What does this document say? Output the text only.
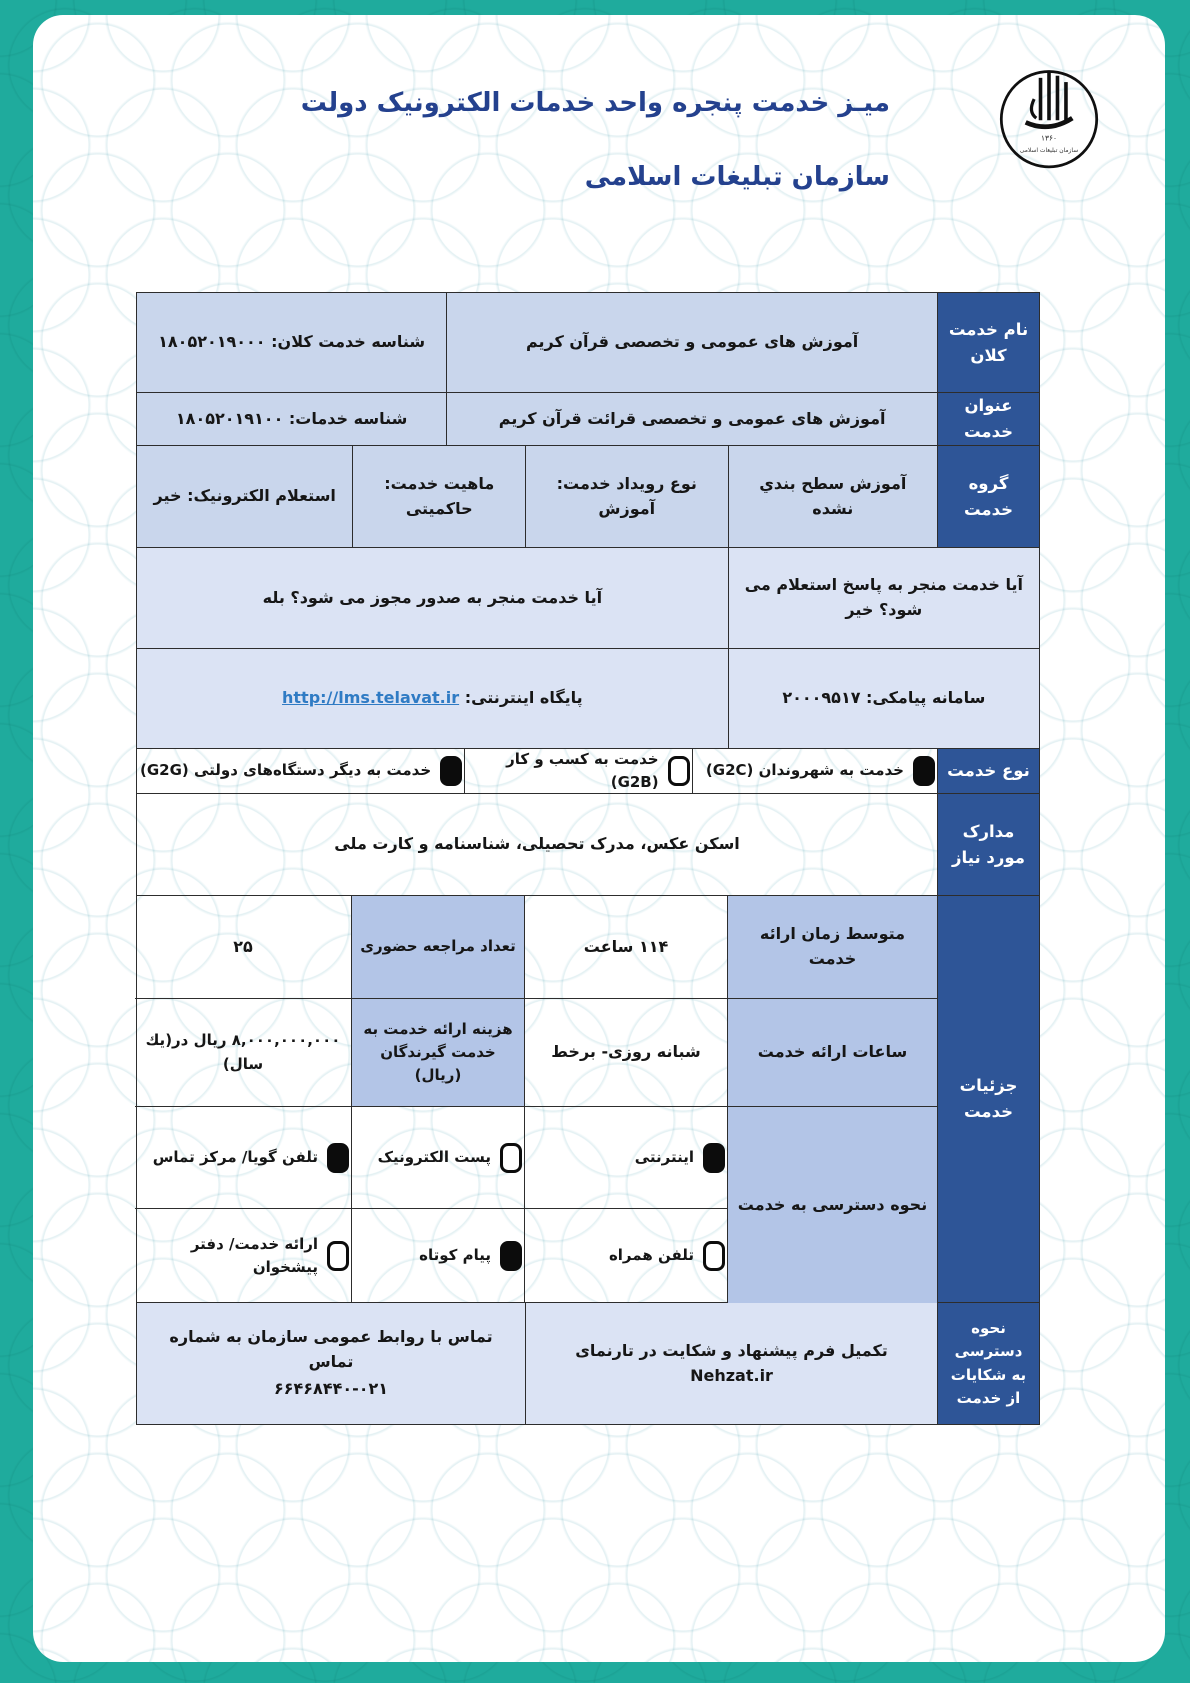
میـز خدمت پنجره واحد خدمات الکترونیک دولت
سازمان تبلیغات اسلامی
۱۳۶۰
سازمان تبلیغات اسلامی
نام خدمت کلان
آموزش های عمومی و تخصصی قرآن کریم
شناسه خدمت کلان: ۱۸۰۵۲۰۱۹۰۰۰
عنوان خدمت
آموزش های عمومی و تخصصی قرائت قرآن کریم
شناسه خدمات: ۱۸۰۵۲۰۱۹۱۰۰
گروه خدمت
آموزش سطح بندي نشده
نوع رویداد خدمت: آموزش
ماهیت خدمت: حاکمیتی
استعلام الکترونیک: خیر
آیا خدمت منجر به پاسخ استعلام می شود؟ خیر
آیا خدمت منجر به صدور مجوز می شود؟ بله
سامانه پیامکی: ۲۰۰۰۹۵۱۷
پایگاه اینترنتی:

http://lms.telavat.ir
نوع خدمت
خدمت به شهروندان (G2C)
خدمت به کسب و کار (G2B)
خدمت به دیگر دستگاه‌های دولتی (G2G)
مدارک مورد نیاز
اسکن عکس، مدرک تحصیلی، شناسنامه و کارت ملی
جزئیات خدمت
متوسط زمان ارائه خدمت
۱۱۴ ساعت
تعداد مراجعه حضوری
۲۵
ساعات ارائه خدمت
شبانه روزی- برخط
هزینه ارائه خدمت به خدمت گیرندگان (ریال)
۸,۰۰۰,۰۰۰,۰۰۰ ریال در(یك سال)
نحوه دسترسی به خدمت
اینترنتی
پست الکترونیک
تلفن گویا/ مرکز تماس
تلفن همراه
پیام کوتاه
ارائه خدمت/ دفتر پیشخوان
نحوه دسترسی به شکایات از خدمت
تکمیل فرم پیشنهاد و شکایت در تارنمای Nehzat.ir
تماس با روابط عمومی سازمان به شماره تماس
۶۶۴۶۸۴۴۰-۰۲۱
